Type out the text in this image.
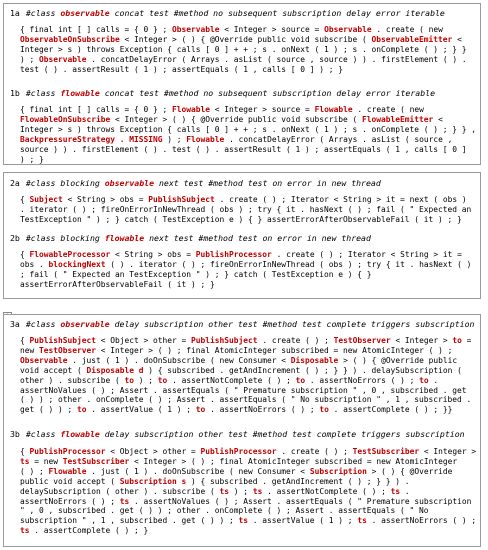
1a #class observable concat test #method no subsequent subscription delay error iterable
{ final int [ ] calls = { 0 } ; Observable < Integer > source = Observable . create ( new
ObservableOnSubscribe < Integer > ( ) { @Override public void subscribe ( ObservableEmitter <
Integer > s ) throws Exception { calls [ 0 ] + + ; s . onNext ( 1 ) ; s . onComplete ( ) ; } }
) ; Observable . concatDelayError ( Arrays . asList ( source , source ) ) . firstElement ( ) .
test ( ) . assertResult ( 1 ) ; assertEquals ( 1 , calls [ 0 ] ) ; }
1b #class flowable concat test #method no subsequent subscription delay error iterable
{ final int [ ] calls = { 0 } ; Flowable < Integer > source = Flowable . create ( new
FlowableOnSubscribe < Integer > ( ) { @Override public void subscribe ( FlowableEmitter <
Integer > s ) throws Exception { calls [ 0 ] + + ; s . onNext ( 1 ) ; s . onComplete ( ) ; } } ,
BackpressureStrategy . MISSING ) ; Flowable . concatDelayError ( Arrays . asList ( source ,
source ) ) . firstElement ( ) . test ( ) . assertResult ( 1 ) ; assertEquals ( 1 , calls [ 0 ]
) ; }
2a #class blocking observable next test #method test on error in new thread
{ Subject < String > obs = PublishSubject . create ( ) ; Iterator < String > it = next ( obs )
. iterator ( ) ; fireOnErrorInNewThread ( obs ) ; try { it . hasNext ( ) ; fail ( " Expected an
TestException " ) ; } catch ( TestException e ) { } assertErrorAfterObservableFail ( it ) ; }
2b #class blocking flowable next test #method test on error in new thread
{ FlowableProcessor < String > obs = PublishProcessor . create ( ) ; Iterator < String > it =
obs . blockingNext ( ) . iterator ( ) ; fireOnErrorInNewThread ( obs ) ; try { it . hasNext ( )
; fail ( " Expected an TestException " ) ; } catch ( TestException e ) { }
assertErrorAfterObservableFail ( it ) ; }
3a #class observable delay subscription other test #method test complete triggers subscription
{ PublishSubject < Object > other = PublishSubject . create ( ) ; TestObserver < Integer > to =
new TestObserver < Integer > ( ) ; final AtomicInteger subscribed = new AtomicInteger ( ) ;
Observable . just ( 1 ) . doOnSubscribe ( new Consumer < Disposable > ( ) { @Override public
void accept ( Disposable d ) { subscribed . getAndIncrement ( ) ; } } ) . delaySubscription (
other ) . subscribe ( to ) ; to . assertNotComplete ( ) ; to . assertNoErrors ( ) ; to .
assertNoValues ( ) ; Assert . assertEquals ( " Premature subscription " , 0 , subscribed . get
( ) ) ; other . onComplete ( ) ; Assert . assertEquals ( " No subscription " , 1 , subscribed .
get ( ) ) ; to . assertValue ( 1 ) ; to . assertNoErrors ( ) ; to . assertComplete ( ) ; }}
3b #class flowable delay subscription other test #method test complete triggers subscription
{ PublishProcessor < Object > other = PublishProcessor . create ( ) ; TestSubscriber < Integer >
ts = new TestSubscriber < Integer > ( ) ; final AtomicInteger subscribed = new AtomicInteger
( ) ; Flowable . just ( 1 ) . doOnSubscribe ( new Consumer < Subscription > ( ) { @Override
public void accept ( Subscription s ) { subscribed . getAndIncrement ( ) ; } } ) .
delaySubscription ( other ) . subscribe ( ts ) ; ts . assertNotComplete ( ) ; ts .
assertNoErrors ( ) ; ts . assertNoValues ( ) ; Assert . assertEquals ( " Premature subscription
" , 0 , subscribed . get ( ) ) ; other . onComplete ( ) ; Assert . assertEquals ( " No
subscription " , 1 , subscribed . get ( ) ) ; ts . assertValue ( 1 ) ; ts . assertNoErrors ( ) ;
ts . assertComplete ( ) ; }
